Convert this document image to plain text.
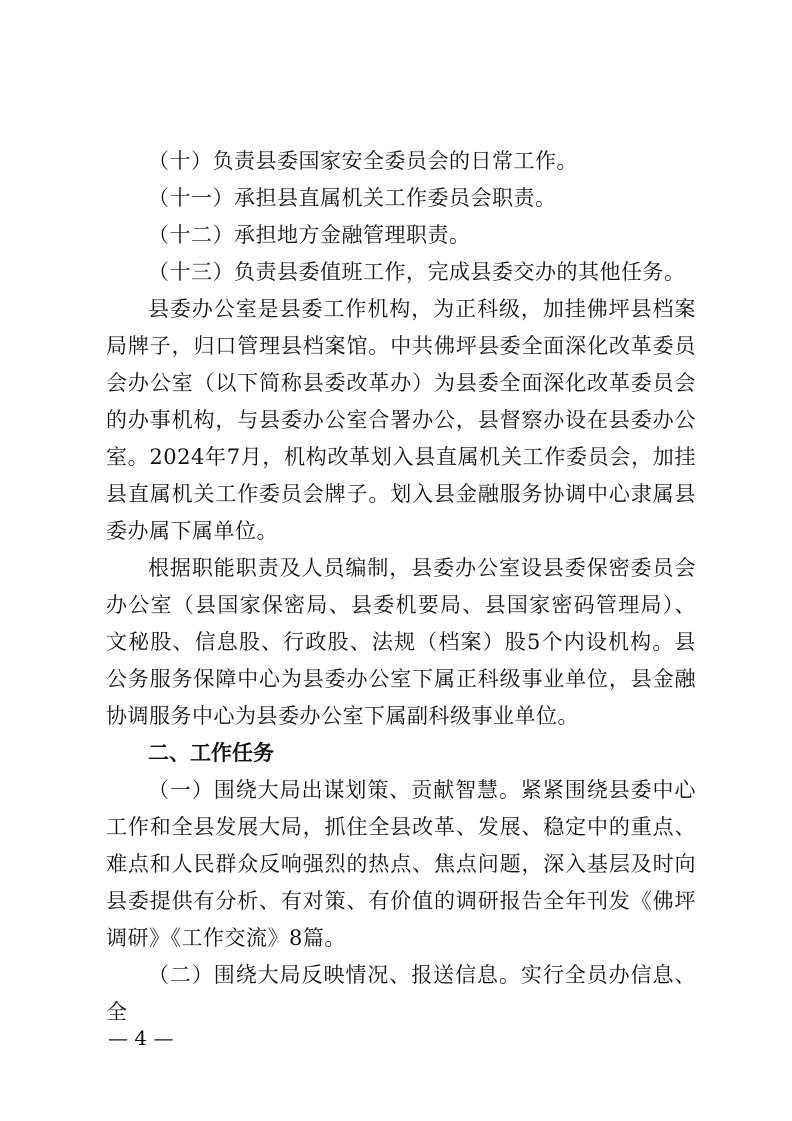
（十）负责县委国家安全委员会的日常工作。

（十一）承担县直属机关工作委员会职责。

（十二）承担地方金融管理职责。

（十三）负责县委值班工作，完成县委交办的其他任务。

县委办公室是县委工作机构，为正科级，加挂佛坪县档案局牌子，归口管理县档案馆。中共佛坪县委全面深化改革委员会办公室（以下简称县委改革办）为县委全面深化改革委员会的办事机构，与县委办公室合署办公，县督察办设在县委办公室。2024年7月，机构改革划入县直属机关工作委员会，加挂县直属机关工作委员会牌子。划入县金融服务协调中心隶属县委办属下属单位。

根据职能职责及人员编制，县委办公室设县委保密委员会办公室（县国家保密局、县委机要局、县国家密码管理局）、文秘股、信息股、行政股、法规（档案）股5个内设机构。县公务服务保障中心为县委办公室下属正科级事业单位，县金融协调服务中心为县委办公室下属副科级事业单位。

二、工作任务

（一）围绕大局出谋划策、贡献智慧。紧紧围绕县委中心工作和全县发展大局，抓住全县改革、发展、稳定中的重点、难点和人民群众反响强烈的热点、焦点问题，深入基层及时向县委提供有分析、有对策、有价值的调研报告全年刊发《佛坪调研》《工作交流》8篇。

（二）围绕大局反映情况、报送信息。实行全员办信息、全

— 4 —
